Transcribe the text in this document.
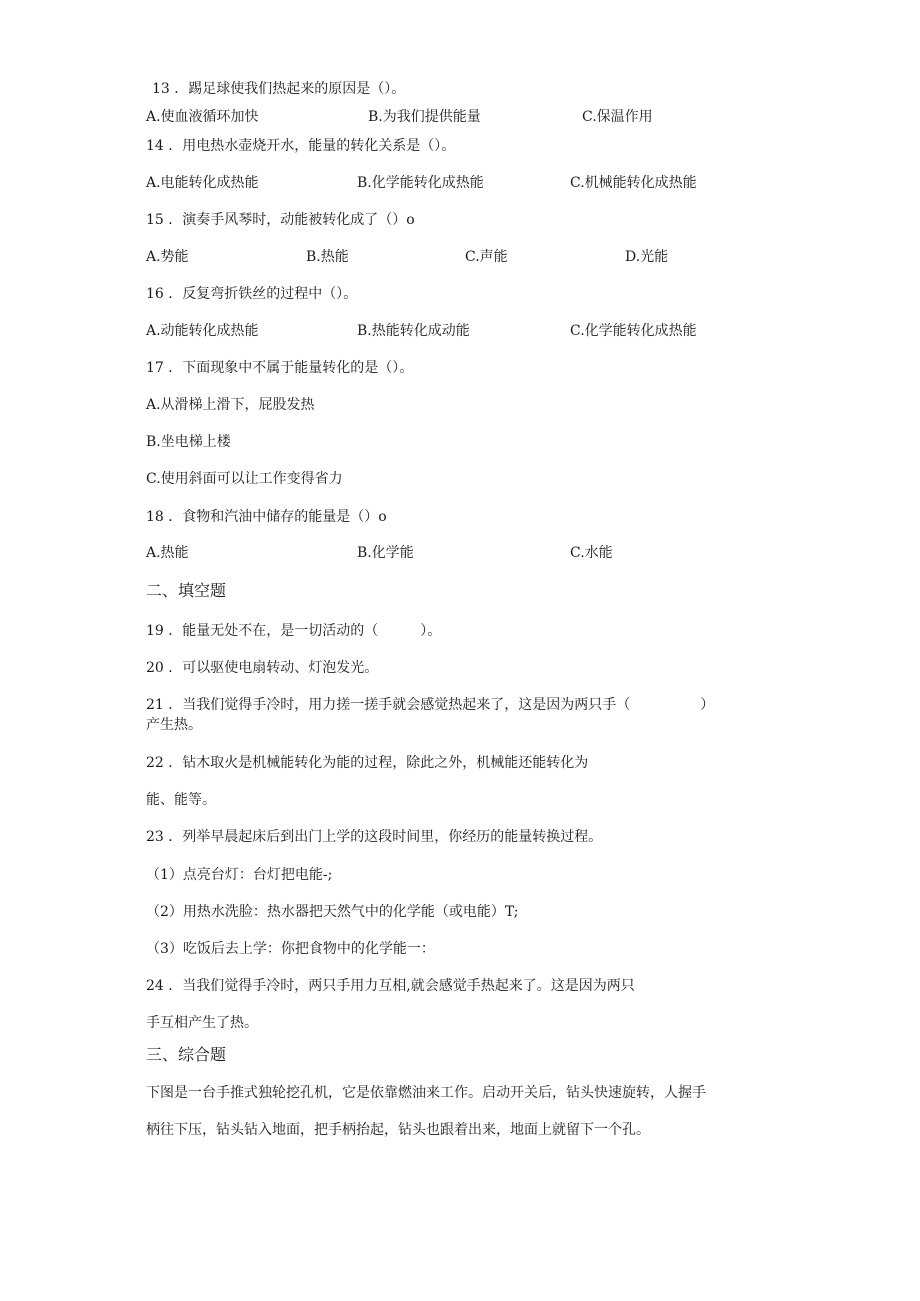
13 ．踢足球使我们热起来的原因是（）。
A.使血液循环加快	B.为我们提供能量	C.保温作用
14 ．用电热水壶烧开水，能量的转化关系是（）。
A.电能转化成热能	B.化学能转化成热能	C.机械能转化成热能
15 ．演奏手风琴时，动能被转化成了（）o
A.势能	B.热能	C.声能	D.光能
16 ．反复弯折铁丝的过程中（）。
A.动能转化成热能	B.热能转化成动能	C.化学能转化成热能
17 ．下面现象中不属于能量转化的是（）。
A.从滑梯上滑下，屁股发热
B.坐电梯上楼
C.使用斜面可以让工作变得省力
18 ．食物和汽油中储存的能量是（）o
A.热能	B.化学能	C.水能
二、填空题
19 ．能量无处不在，是一切活动的（　　　）。
20 ．可以驱使电扇转动、灯泡发光。
21 ．当我们觉得手冷时，用力搓一搓手就会感觉热起来了，这是因为两只手（　　　　　）
产生热。
22 ．钻木取火是机械能转化为能的过程，除此之外，机械能还能转化为
能、能等。
23 ．列举早晨起床后到出门上学的这段时间里，你经历的能量转换过程。
（1）点亮台灯：台灯把电能-;
（2）用热水洗脸：热水器把天然气中的化学能（或电能）T;
（3）吃饭后去上学：你把食物中的化学能一：
24 ．当我们觉得手冷时，两只手用力互相,就会感觉手热起来了。这是因为两只
手互相产生了热。
三、综合题
下图是一台手推式独轮挖孔机，它是依靠燃油来工作。启动开关后，钻头快速旋转，人握手
柄往下压，钻头钻入地面，把手柄抬起，钻头也跟着出来，地面上就留下一个孔。
